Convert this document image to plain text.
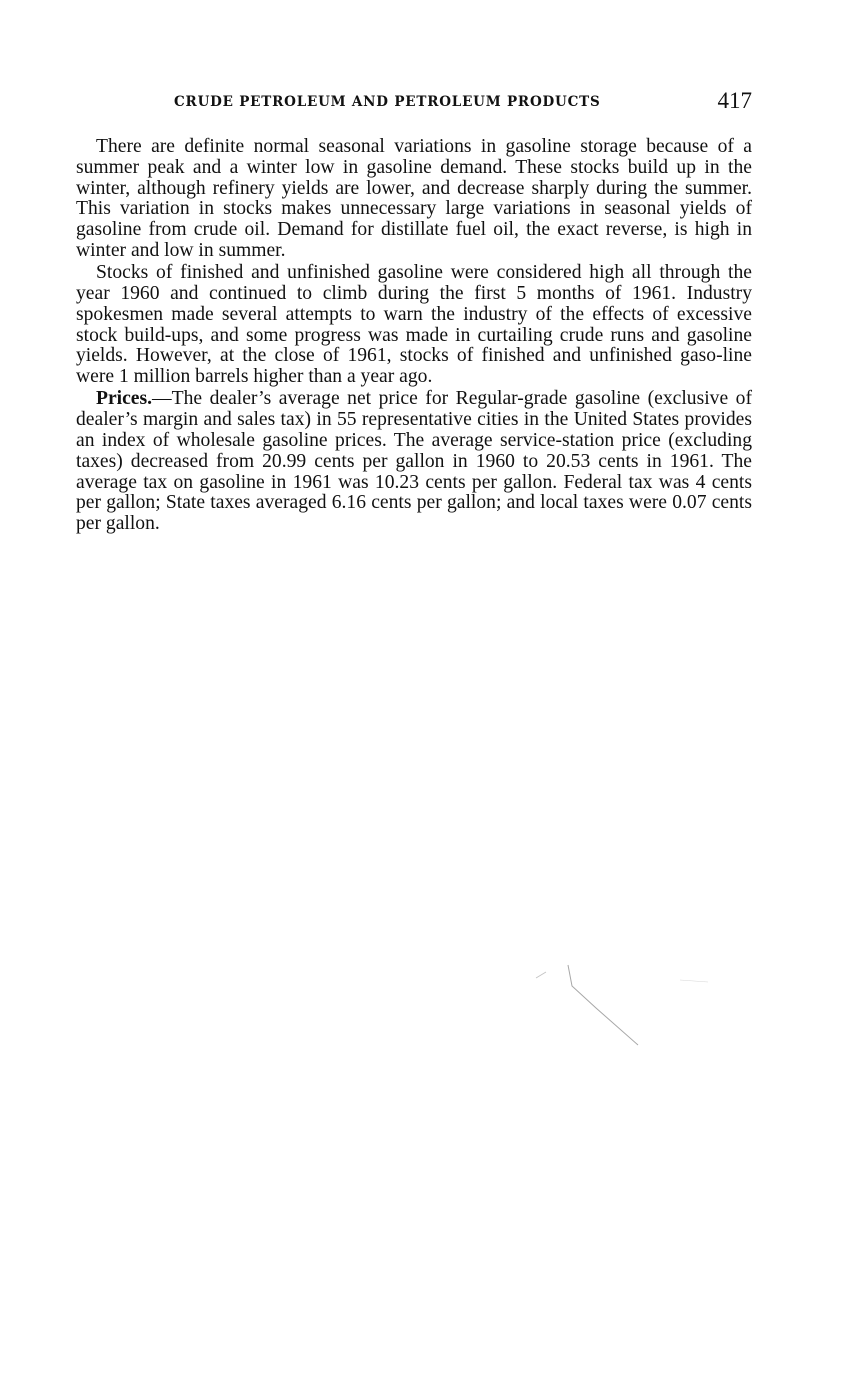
CRUDE PETROLEUM AND PETROLEUM PRODUCTS	417

There are definite normal seasonal variations in gasoline storage because of a summer peak and a winter low in gasoline demand. These stocks build up in the winter, although refinery yields are lower, and decrease sharply during the summer. This variation in stocks makes unnecessary large variations in seasonal yields of gasoline from crude oil. Demand for distillate fuel oil, the exact reverse, is high in winter and low in summer.

Stocks of finished and unfinished gasoline were considered high all through the year 1960 and continued to climb during the first 5 months of 1961. Industry spokesmen made several attempts to warn the industry of the effects of excessive stock build-ups, and some progress was made in curtailing crude runs and gasoline yields. However, at the close of 1961, stocks of finished and unfinished gaso-line were 1 million barrels higher than a year ago.

Prices.—The dealer’s average net price for Regular-grade gasoline (exclusive of dealer’s margin and sales tax) in 55 representative cities in the United States provides an index of wholesale gasoline prices. The average service-station price (excluding taxes) decreased from 20.99 cents per gallon in 1960 to 20.53 cents in 1961. The average tax on gasoline in 1961 was 10.23 cents per gallon. Federal tax was 4 cents per gallon; State taxes averaged 6.16 cents per gallon; and local taxes were 0.07 cents per gallon.
